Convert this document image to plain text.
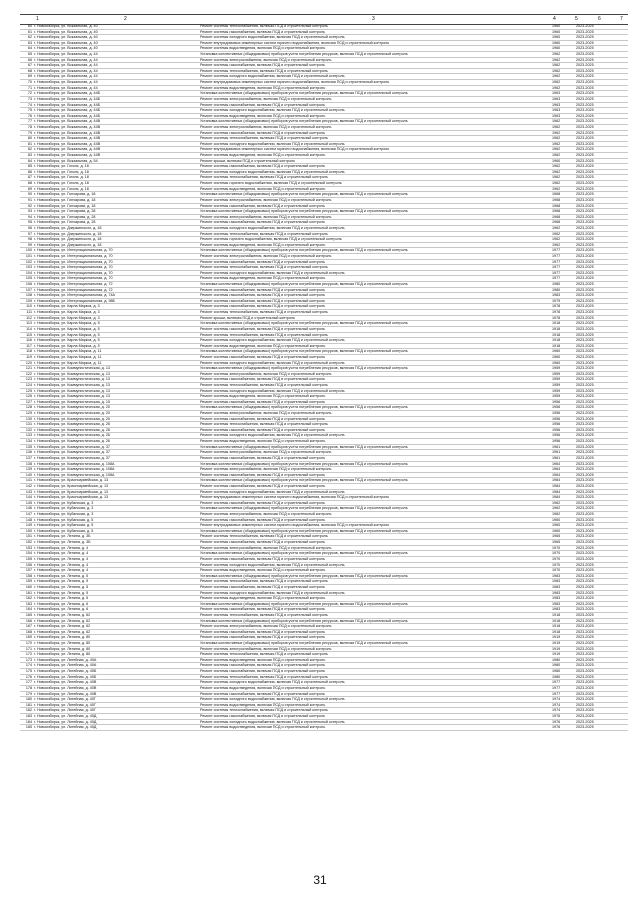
1	2	3	4	5	6	7
60 г. Новосибирск, ул. Вокзальная, д. 40	Ремонт системы теплоснабжения, включая ПСД и строительный контроль	1960	2023-2025
61 г. Новосибирск, ул. Вокзальная, д. 40	Ремонт системы газоснабжения, включая ПСД и строительный контроль	1960	2023-2025
62 г. Новосибирск, ул. Вокзальная, д. 40	Ремонт системы холодного водоснабжения, включая ПСД и строительный контроль	1960	2023-2025
63 г. Новосибирск, ул. Вокзальная, д. 40	Ремонт внутридомовых инженерных систем горячего водоснабжения, включая ПСД и строительный контроль	1960	2023-2025
64 г. Новосибирск, ул. Вокзальная, д. 40	Ремонт системы водоотведения, включая ПСД и строительный контроль	1960	2023-2025
65 г. Новосибирск, ул. Вокзальная, д. 44	Установка коллективных (общедомовых) приборов учета потребления ресурсов, включая ПСД и строительный контроль	1962	2023-2025
66 г. Новосибирск, ул. Вокзальная, д. 44	Ремонт системы электроснабжения, включая ПСД и строительный контроль	1962	2023-2025
67 г. Новосибирск, ул. Вокзальная, д. 44	Ремонт системы газоснабжения, включая ПСД и строительный контроль	1962	2023-2025
68 г. Новосибирск, ул. Вокзальная, д. 44	Ремонт системы теплоснабжения, включая ПСД и строительный контроль	1962	2023-2025
69 г. Новосибирск, ул. Вокзальная, д. 44	Ремонт системы холодного водоснабжения, включая ПСД и строительный контроль	1962	2023-2025
70 г. Новосибирск, ул. Вокзальная, д. 44	Ремонт внутридомовых инженерных систем горячего водоснабжения, включая ПСД и строительный контроль	1962	2023-2025
71 г. Новосибирск, ул. Вокзальная, д. 44	Ремонт системы водоотведения, включая ПСД и строительный контроль	1962	2023-2025
72 г. Новосибирск, ул. Вокзальная, д. 44Б	Установка коллективных (общедомовых) приборов учета потребления ресурсов, включая ПСД и строительный контроль	1963	2023-2025
73 г. Новосибирск, ул. Вокзальная, д. 44Б	Ремонт системы электроснабжения, включая ПСД и строительный контроль	1963	2023-2025
74 г. Новосибирск, ул. Вокзальная, д. 44Б	Ремонт системы газоснабжения, включая ПСД и строительный контроль	1963	2023-2025
75 г. Новосибирск, ул. Вокзальная, д. 44Б	Ремонт системы холодного водоснабжения, включая ПСД и строительный контроль	1963	2023-2025
76 г. Новосибирск, ул. Вокзальная, д. 44Б	Ремонт системы водоотведения, включая ПСД и строительный контроль	1963	2023-2025
77 г. Новосибирск, ул. Вокзальная, д. 44В	Установка коллективных (общедомовых) приборов учета потребления ресурсов, включая ПСД и строительный контроль	1962	2023-2025
78 г. Новосибирск, ул. Вокзальная, д. 44В	Ремонт системы электроснабжения, включая ПСД и строительный контроль	1962	2023-2025
79 г. Новосибирск, ул. Вокзальная, д. 44В	Ремонт системы газоснабжения, включая ПСД и строительный контроль	1962	2023-2025
80 г. Новосибирск, ул. Вокзальная, д. 44В	Ремонт системы теплоснабжения, включая ПСД и строительный контроль	1962	2023-2025
81 г. Новосибирск, ул. Вокзальная, д. 44В	Ремонт системы холодного водоснабжения, включая ПСД и строительный контроль	1962	2023-2025
82 г. Новосибирск, ул. Вокзальная, д. 44В	Ремонт внутридомовых инженерных систем горячего водоснабжения, включая ПСД и строительный контроль	1962	2023-2025
83 г. Новосибирск, ул. Вокзальная, д. 44В	Ремонт системы водоотведения, включая ПСД и строительный контроль	1962	2023-2025
84 г. Новосибирск, ул. Вокзальная, д. 54	Ремонт крыши, включая ПСД и строительный контроль	1960	2023-2025
85 г. Новосибирск, ул. Гоголя, д. 18	Ремонт системы газоснабжения, включая ПСД и строительный контроль	1962	2023-2025
86 г. Новосибирск, ул. Гоголя, д. 18	Ремонт системы холодного водоснабжения, включая ПСД и строительный контроль	1962	2023-2025
87 г. Новосибирск, ул. Гоголя, д. 18	Ремонт системы теплоснабжения, включая ПСД и строительный контроль	1962	2023-2025
88 г. Новосибирск, ул. Гоголя, д. 18	Ремонт системы горячего водоснабжения, включая ПСД и строительный контроль	1962	2023-2025
89 г. Новосибирск, ул. Гоголя, д. 18	Ремонт системы водоотведения, включая ПСД и строительный контроль	1962	2023-2025
90 г. Новосибирск, ул. Гончарова, д. 18	Установка коллективных (общедомовых) приборов учета потребления ресурсов, включая ПСД и строительный контроль	1968	2023-2025
91 г. Новосибирск, ул. Гончарова, д. 18	Ремонт системы электроснабжения, включая ПСД и строительный контроль	1968	2023-2025
92 г. Новосибирск, ул. Гончарова, д. 18	Ремонт системы газоснабжения, включая ПСД и строительный контроль	1968	2023-2025
93 г. Новосибирск, ул. Гончарова, д. 28	Установка коллективных (общедомовых) приборов учета потребления ресурсов, включая ПСД и строительный контроль	1968	2023-2025
94 г. Новосибирск, ул. Гончарова, д. 28	Ремонт системы электроснабжения, включая ПСД и строительный контроль	1968	2023-2025
95 г. Новосибирск, ул. Гончарова, д. 28	Ремонт системы газоснабжения, включая ПСД и строительный контроль	1968	2023-2025
96 г. Новосибирск, ул. Дзержинского, д. 18	Ремонт системы холодного водоснабжения, включая ПСД и строительный контроль	1962	2023-2025
97 г. Новосибирск, ул. Дзержинского, д. 18	Ремонт системы теплоснабжения, включая ПСД и строительный контроль	1962	2023-2025
98 г. Новосибирск, ул. Дзержинского, д. 18	Ремонт системы горячего водоснабжения, включая ПСД и строительный контроль	1962	2023-2025
99 г. Новосибирск, ул. Дзержинского, д. 18	Ремонт системы водоотведения, включая ПСД и строительный контроль	1962	2023-2025
100 г. Новосибирск, ул. Интернациональная, д. 70	Установка коллективных (общедомовых) приборов учета потребления ресурсов, включая ПСД и строительный контроль	1977	2023-2025
101 г. Новосибирск, ул. Интернациональная, д. 70	Ремонт системы электроснабжения, включая ПСД и строительный контроль	1977	2023-2025
102 г. Новосибирск, ул. Интернациональная, д. 70	Ремонт системы газоснабжения, включая ПСД и строительный контроль	1977	2023-2025
103 г. Новосибирск, ул. Интернациональная, д. 70	Ремонт системы теплоснабжения, включая ПСД и строительный контроль	1977	2023-2025
104 г. Новосибирск, ул. Интернациональная, д. 70	Ремонт системы холодного водоснабжения, включая ПСД и строительный контроль	1977	2023-2025
105 г. Новосибирск, ул. Интернациональная, д. 70	Ремонт системы водоотведения, включая ПСД и строительный контроль	1977	2023-2025
106 г. Новосибирск, ул. Интернациональная, д. 72	Установка коллективных (общедомовых) приборов учета потребления ресурсов, включая ПСД и строительный контроль	1980	2023-2025
107 г. Новосибирск, ул. Интернациональная, д. 72	Ремонт системы газоснабжения, включая ПСД и строительный контроль	1980	2023-2025
108 г. Новосибирск, ул. Интернациональная, д. 74А	Ремонт системы газоснабжения, включая ПСД и строительный контроль	1983	2023-2025
109 г. Новосибирск, ул. Интернациональная, д. 98Б	Ремонт системы газоснабжения, включая ПСД и строительный контроль	1979	2023-2025
110 г. Новосибирск, ул. Карла Маркса, д. 3	Ремонт системы газоснабжения, включая ПСД и строительный контроль	1978	2023-2025
111 г. Новосибирск, ул. Карла Маркса, д. 3	Ремонт системы теплоснабжения, включая ПСД и строительный контроль	1978	2023-2025
112 г. Новосибирск, ул. Карла Маркса, д. 3	Ремонт крыши, включая ПСД и строительный контроль	1978	2023-2025
113 г. Новосибирск, ул. Карла Маркса, д. 5	Установка коллективных (общедомовых) приборов учета потребления ресурсов, включая ПСД и строительный контроль	1918	2023-2025
114 г. Новосибирск, ул. Карла Маркса, д. 5	Ремонт системы газоснабжения, включая ПСД и строительный контроль	1918	2023-2025
115 г. Новосибирск, ул. Карла Маркса, д. 5	Ремонт системы теплоснабжения, включая ПСД и строительный контроль	1918	2023-2025
116 г. Новосибирск, ул. Карла Маркса, д. 5	Ремонт системы холодного водоснабжения, включая ПСД и строительный контроль	1918	2023-2025
117 г. Новосибирск, ул. Карла Маркса, д. 5	Ремонт системы водоотведения, включая ПСД и строительный контроль	1918	2023-2025
118 г. Новосибирск, ул. Карла Маркса, д. 11	Установка коллективных (общедомовых) приборов учета потребления ресурсов, включая ПСД и строительный контроль	1960	2023-2025
119 г. Новосибирск, ул. Карла Маркса, д. 11	Ремонт системы газоснабжения, включая ПСД и строительный контроль	1960	2023-2025
120 г. Новосибирск, ул. Карла Маркса, д. 11	Ремонт системы холодного водоснабжения, включая ПСД и строительный контроль	1960	2023-2025
121 г. Новосибирск, ул. Коммунистическая, д. 13	Установка коллективных (общедомовых) приборов учета потребления ресурсов, включая ПСД и строительный контроль	1959	2023-2025
122 г. Новосибирск, ул. Коммунистическая, д. 13	Ремонт системы электроснабжения, включая ПСД и строительный контроль	1959	2023-2025
123 г. Новосибирск, ул. Коммунистическая, д. 13	Ремонт системы газоснабжения, включая ПСД и строительный контроль	1959	2023-2025
124 г. Новосибирск, ул. Коммунистическая, д. 13	Ремонт системы теплоснабжения, включая ПСД и строительный контроль	1959	2023-2025
125 г. Новосибирск, ул. Коммунистическая, д. 13	Ремонт системы холодного водоснабжения, включая ПСД и строительный контроль	1959	2023-2025
126 г. Новосибирск, ул. Коммунистическая, д. 13	Ремонт системы водоотведения, включая ПСД и строительный контроль	1959	2023-2025
127 г. Новосибирск, ул. Коммунистическая, д. 15	Ремонт системы газоснабжения, включая ПСД и строительный контроль	1956	2023-2025
128 г. Новосибирск, ул. Коммунистическая, д. 20	Установка коллективных (общедомовых) приборов учета потребления ресурсов, включая ПСД и строительный контроль	1956	2023-2025
129 г. Новосибирск, ул. Коммунистическая, д. 20	Ремонт системы электроснабжения, включая ПСД и строительный контроль	1956	2023-2025
130 г. Новосибирск, ул. Коммунистическая, д. 20	Ремонт системы газоснабжения, включая ПСД и строительный контроль	1956	2023-2025
131 г. Новосибирск, ул. Коммунистическая, д. 26	Ремонт системы теплоснабжения, включая ПСД и строительный контроль	1956	2023-2025
132 г. Новосибирск, ул. Коммунистическая, д. 26	Ремонт системы газоснабжения, включая ПСД и строительный контроль	1956	2023-2025
133 г. Новосибирск, ул. Коммунистическая, д. 26	Ремонт системы холодного водоснабжения, включая ПСД и строительный контроль	1956	2023-2025
134 г. Новосибирск, ул. Коммунистическая, д. 26	Ремонт системы водоотведения, включая ПСД и строительный контроль	1956	2023-2025
135 г. Новосибирск, ул. Коммунистическая, д. 37	Установка коллективных (общедомовых) приборов учета потребления ресурсов, включая ПСД и строительный контроль	1961	2023-2025
136 г. Новосибирск, ул. Коммунистическая, д. 37	Ремонт системы электроснабжения, включая ПСД и строительный контроль	1961	2023-2025
137 г. Новосибирск, ул. Коммунистическая, д. 37	Ремонт системы газоснабжения, включая ПСД и строительный контроль	1961	2023-2025
138 г. Новосибирск, ул. Коммунистическая, д. 108А	Установка коллективных (общедомовых) приборов учета потребления ресурсов, включая ПСД и строительный контроль	1964	2023-2025
139 г. Новосибирск, ул. Коммунистическая, д. 108А	Ремонт системы электроснабжения, включая ПСД и строительный контроль	1964	2023-2025
140 г. Новосибирск, ул. Коммунистическая, д. 108А	Ремонт системы газоснабжения, включая ПСД и строительный контроль	1964	2023-2025
141 г. Новосибирск, ул. Красноармейская, д. 13	Установка коллективных (общедомовых) приборов учета потребления ресурсов, включая ПСД и строительный контроль	1984	2023-2025
142 г. Новосибирск, ул. Красноармейская, д. 13	Ремонт системы газоснабжения, включая ПСД и строительный контроль	1984	2023-2025
143 г. Новосибирск, ул. Красноармейская, д. 13	Ремонт системы холодного водоснабжения, включая ПСД и строительный контроль	1984	2023-2025
144 г. Новосибирск, ул. Красноармейская, д. 13	Ремонт внутридомовых инженерных систем горячего водоснабжения, включая ПСД и строительный контроль	1984	2023-2025
145 г. Новосибирск, ул. Кубанская, д. 3	Ремонт системы газоснабжения, включая ПСД и строительный контроль	1962	2023-2025
146 г. Новосибирск, ул. Кубанская, д. 3	Установка коллективных (общедомовых) приборов учета потребления ресурсов, включая ПСД и строительный контроль	1962	2023-2025
147 г. Новосибирск, ул. Кубанская, д. 3	Ремонт системы электроснабжения, включая ПСД и строительный контроль	1962	2023-2025
148 г. Новосибирск, ул. Кубанская, д. 5	Ремонт системы газоснабжения, включая ПСД и строительный контроль	1960	2023-2025
149 г. Новосибирск, ул. Кубанская, д. 5	Ремонт внутридомовых инженерных систем горячего водоснабжения, включая ПСД и строительный контроль	1960	2023-2025
150 г. Новосибирск, ул. Кубанская, д. 5	Установка коллективных (общедомовых) приборов учета потребления ресурсов, включая ПСД и строительный контроль	1960	2023-2025
151 г. Новосибирск, ул. Ленина, д. 3Б	Ремонт системы теплоснабжения, включая ПСД и строительный контроль	1965	2023-2025
152 г. Новосибирск, ул. Ленина, д. 3Б	Ремонт системы газоснабжения, включая ПСД и строительный контроль	1965	2023-2025
153 г. Новосибирск, ул. Ленина, д. 4	Ремонт системы электроснабжения, включая ПСД и строительный контроль	1970	2023-2025
154 г. Новосибирск, ул. Ленина, д. 4	Установка коллективных (общедомовых) приборов учета потребления ресурсов, включая ПСД и строительный контроль	1970	2023-2025
155 г. Новосибирск, ул. Ленина, д. 4	Ремонт системы газоснабжения, включая ПСД и строительный контроль	1970	2023-2025
156 г. Новосибирск, ул. Ленина, д. 4	Ремонт системы холодного водоснабжения, включая ПСД и строительный контроль	1970	2023-2025
157 г. Новосибирск, ул. Ленина, д. 4	Ремонт системы водоотведения, включая ПСД и строительный контроль	1970	2023-2025
158 г. Новосибирск, ул. Ленина, д. 5	Установка коллективных (общедомовых) приборов учета потребления ресурсов, включая ПСД и строительный контроль	1983	2023-2025
159 г. Новосибирск, ул. Ленина, д. 5	Ремонт системы теплоснабжения, включая ПСД и строительный контроль	1983	2023-2025
160 г. Новосибирск, ул. Ленина, д. 5	Ремонт системы газоснабжения, включая ПСД и строительный контроль	1983	2023-2025
161 г. Новосибирск, ул. Ленина, д. 5	Ремонт системы холодного водоснабжения, включая ПСД и строительный контроль	1983	2023-2025
162 г. Новосибирск, ул. Ленина, д. 5	Ремонт системы водоотведения, включая ПСД и строительный контроль	1983	2023-2025
163 г. Новосибирск, ул. Ленина, д. 6	Установка коллективных (общедомовых) приборов учета потребления ресурсов, включая ПСД и строительный контроль	1983	2023-2025
164 г. Новосибирск, ул. Ленина, д. 6	Ремонт системы газоснабжения, включая ПСД и строительный контроль	1983	2023-2025
165 г. Новосибирск, ул. Ленина, д. 62	Ремонт системы теплоснабжения, включая ПСД и строительный контроль	1918	2023-2025
166 г. Новосибирск, ул. Ленина, д. 62	Установка коллективных (общедомовых) приборов учета потребления ресурсов, включая ПСД и строительный контроль	1918	2023-2025
167 г. Новосибирск, ул. Ленина, д. 62	Ремонт системы электроснабжения, включая ПСД и строительный контроль	1918	2023-2025
168 г. Новосибирск, ул. Ленина, д. 62	Ремонт системы газоснабжения, включая ПСД и строительный контроль	1918	2023-2025
169 г. Новосибирск, ул. Ленина, д. 80	Ремонт системы газоснабжения, включая ПСД и строительный контроль	1919	2023-2025
170 г. Новосибирск, ул. Ленина, д. 80	Установка коллективных (общедомовых) приборов учета потребления ресурсов, включая ПСД и строительный контроль	1919	2023-2025
171 г. Новосибирск, ул. Ленина, д. 80	Ремонт системы электроснабжения, включая ПСД и строительный контроль	1919	2023-2025
172 г. Новосибирск, ул. Ленина, д. 80	Ремонт системы теплоснабжения, включая ПСД и строительный контроль	1919	2023-2025
173 г. Новосибирск, ул. Литейная, д. 40А	Ремонт системы водоотведения, включая ПСД и строительный контроль	1980	2023-2025
174 г. Новосибирск, ул. Литейная, д. 40А	Ремонт системы газоснабжения, включая ПСД и строительный контроль	1980	2023-2025
175 г. Новосибирск, ул. Литейная, д. 40Б	Ремонт системы газоснабжения, включая ПСД и строительный контроль	1980	2023-2025
176 г. Новосибирск, ул. Литейная, д. 40Б	Ремонт системы теплоснабжения, включая ПСД и строительный контроль	1980	2023-2025
177 г. Новосибирск, ул. Литейная, д. 40В	Ремонт системы холодного водоснабжения, включая ПСД и строительный контроль	1977	2023-2025
178 г. Новосибирск, ул. Литейная, д. 40В	Ремонт системы водоотведения, включая ПСД и строительный контроль	1977	2023-2025
179 г. Новосибирск, ул. Литейная, д. 40В	Ремонт системы газоснабжения, включая ПСД и строительный контроль	1977	2023-2025
180 г. Новосибирск, ул. Литейная, д. 40Г	Ремонт системы холодного водоснабжения, включая ПСД и строительный контроль	1974	2023-2025
181 г. Новосибирск, ул. Литейная, д. 40Г	Ремонт системы водоотведения, включая ПСД и строительный контроль	1974	2023-2025
182 г. Новосибирск, ул. Литейная, д. 40Г	Ремонт системы теплоснабжения, включая ПСД и строительный контроль	1974	2023-2025
183 г. Новосибирск, ул. Литейная, д. 40Д	Ремонт системы газоснабжения, включая ПСД и строительный контроль	1976	2023-2025
184 г. Новосибирск, ул. Литейная, д. 40Д	Ремонт системы холодного водоснабжения, включая ПСД и строительный контроль	1976	2023-2025
185 г. Новосибирск, ул. Литейная, д. 40Д	Ремонт системы водоотведения, включая ПСД и строительный контроль	1976	2023-2025
31
